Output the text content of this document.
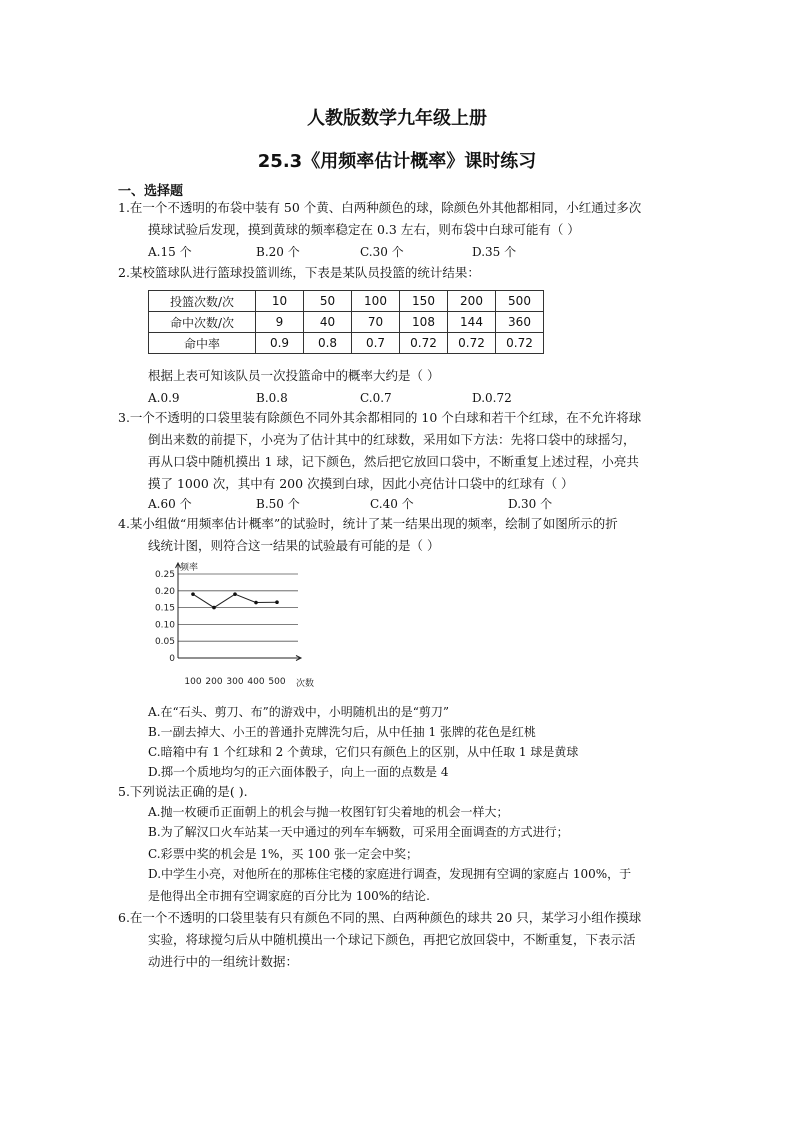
人教版数学九年级上册
25.3《用频率估计概率》课时练习
一、选择题
1.在一个不透明的布袋中装有 50 个黄、白两种颜色的球，除颜色外其他都相同，小红通过多次
摸球试验后发现，摸到黄球的频率稳定在 0.3 左右，则布袋中白球可能有（ ）
A.15 个	B.20 个	C.30 个	D.35 个
2.某校篮球队进行篮球投篮训练，下表是某队员投篮的统计结果：
投篮次数/次	10	50	100	150	200	500
命中次数/次	9	40	70	108	144	360
命中率	0.9	0.8	0.7	0.72	0.72	0.72
根据上表可知该队员一次投篮命中的概率大约是（ ）
A.0.9	B.0.8	C.0.7	D.0.72
3.一个不透明的口袋里装有除颜色不同外其余都相同的 10 个白球和若干个红球，在不允许将球
倒出来数的前提下，小亮为了估计其中的红球数，采用如下方法：先将口袋中的球摇匀，
再从口袋中随机摸出 1 球，记下颜色，然后把它放回口袋中，不断重复上述过程，小亮共
摸了 1000 次，其中有 200 次摸到白球，因此小亮估计口袋中的红球有（ ）
A.60 个	B.50 个	C.40 个	D.30 个
4.某小组做“用频率估计概率”的试验时，统计了某一结果出现的频率，绘制了如图所示的折
线统计图，则符合这一结果的试验最有可能的是（ ）
0
0.05
0.10
0.15
0.20
0.25
100 200 300 400 500
频率
次数
A.在“石头、剪刀、布”的游戏中，小明随机出的是“剪刀”
B.一副去掉大、小王的普通扑克牌洗匀后，从中任抽 1 张牌的花色是红桃
C.暗箱中有 1 个红球和 2 个黄球，它们只有颜色上的区别，从中任取 1 球是黄球
D.掷一个质地均匀的正六面体骰子，向上一面的点数是 4
5.下列说法正确的是( ).
A.抛一枚硬币正面朝上的机会与抛一枚图钉钉尖着地的机会一样大；
B.为了解汉口火车站某一天中通过的列车车辆数，可采用全面调查的方式进行；
C.彩票中奖的机会是 1%，买 100 张一定会中奖；
D.中学生小亮，对他所在的那栋住宅楼的家庭进行调查，发现拥有空调的家庭占 100%，于
是他得出全市拥有空调家庭的百分比为 100%的结论.
6.在一个不透明的口袋里装有只有颜色不同的黑、白两种颜色的球共 20 只，某学习小组作摸球
实验，将球搅匀后从中随机摸出一个球记下颜色，再把它放回袋中，不断重复，下表示活
动进行中的一组统计数据：
